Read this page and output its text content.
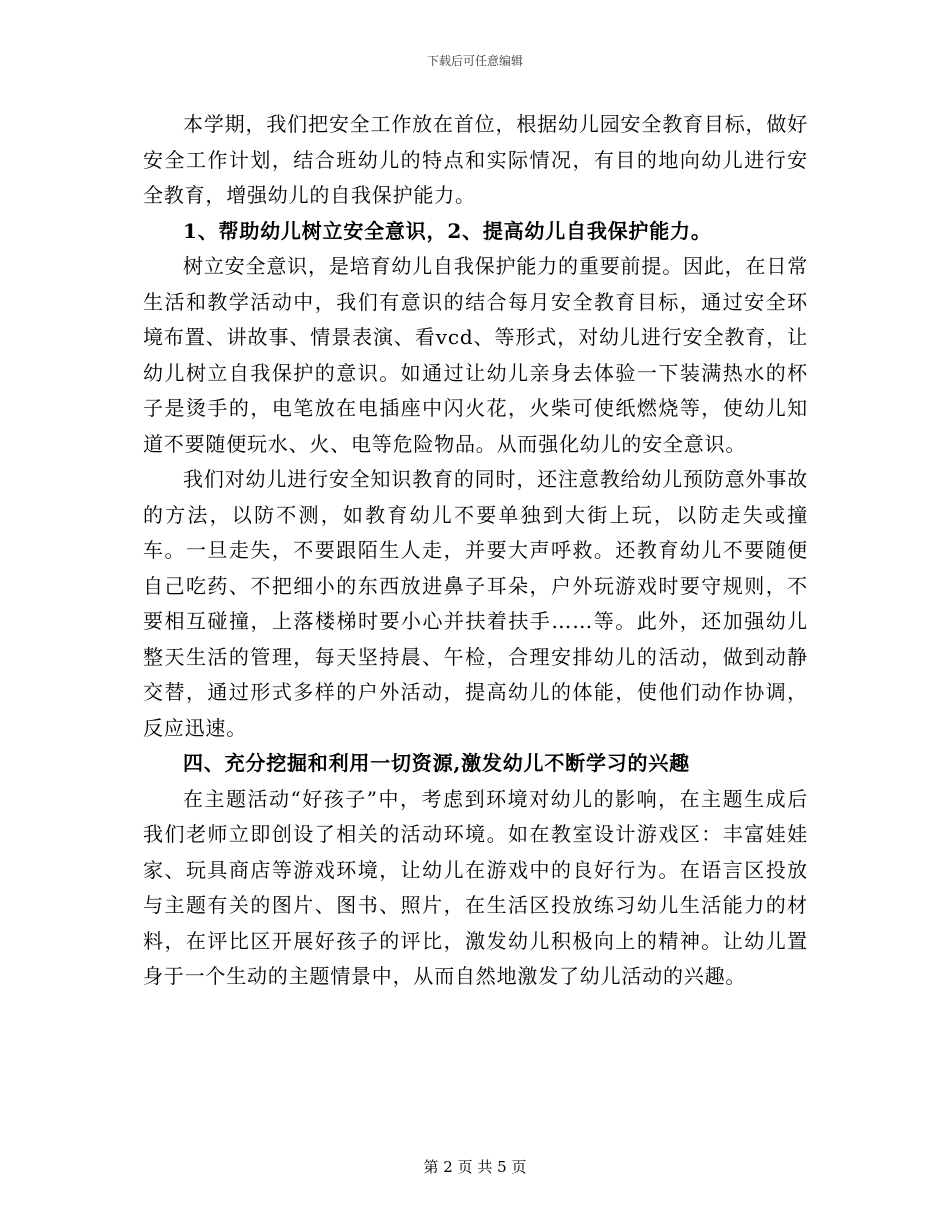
下载后可任意编辑

本学期，我们把安全工作放在首位，根据幼儿园安全教育目标，做好安全工作计划，结合班幼儿的特点和实际情况，有目的地向幼儿进行安全教育，增强幼儿的自我保护能力。

1、帮助幼儿树立安全意识，2、提高幼儿自我保护能力。

树立安全意识，是培育幼儿自我保护能力的重要前提。因此，在日常生活和教学活动中，我们有意识的结合每月安全教育目标，通过安全环境布置、讲故事、情景表演、看vcd、等形式，对幼儿进行安全教育，让幼儿树立自我保护的意识。如通过让幼儿亲身去体验一下装满热水的杯子是烫手的，电笔放在电插座中闪火花，火柴可使纸燃烧等，使幼儿知道不要随便玩水、火、电等危险物品。从而强化幼儿的安全意识。

我们对幼儿进行安全知识教育的同时，还注意教给幼儿预防意外事故的方法，以防不测，如教育幼儿不要单独到大街上玩，以防走失或撞车。一旦走失，不要跟陌生人走，并要大声呼救。还教育幼儿不要随便自己吃药、不把细小的东西放进鼻子耳朵，户外玩游戏时要守规则，不要相互碰撞，上落楼梯时要小心并扶着扶手……等。此外，还加强幼儿整天生活的管理，每天坚持晨、午检，合理安排幼儿的活动，做到动静交替，通过形式多样的户外活动，提高幼儿的体能，使他们动作协调，反应迅速。

四、充分挖掘和利用一切资源,激发幼儿不断学习的兴趣

在主题活动“好孩子”中，考虑到环境对幼儿的影响，在主题生成后我们老师立即创设了相关的活动环境。如在教室设计游戏区：丰富娃娃家、玩具商店等游戏环境，让幼儿在游戏中的良好行为。在语言区投放与主题有关的图片、图书、照片，在生活区投放练习幼儿生活能力的材料，在评比区开展好孩子的评比，激发幼儿积极向上的精神。让幼儿置身于一个生动的主题情景中，从而自然地激发了幼儿活动的兴趣。

第 2 页 共 5 页
